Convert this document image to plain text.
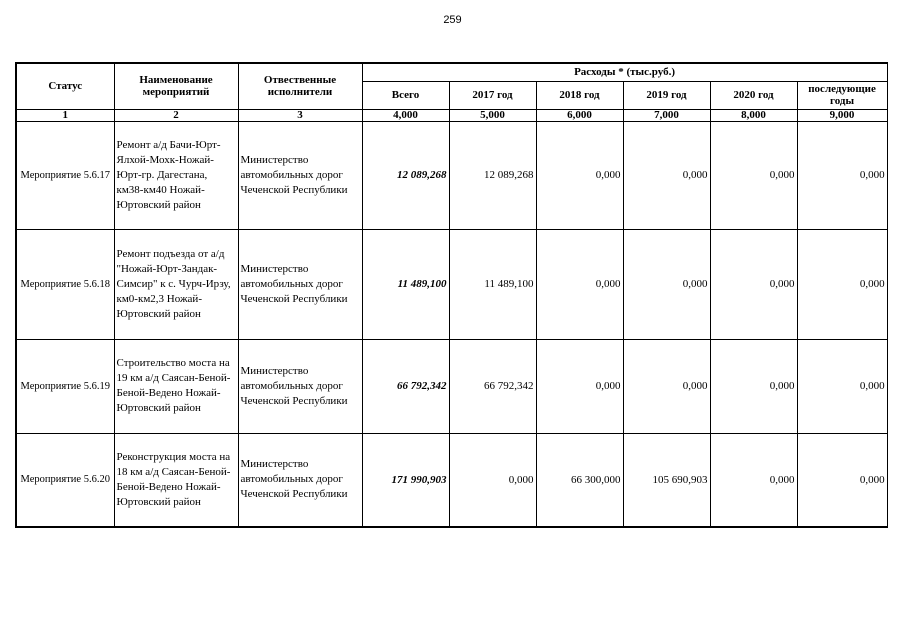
259
Статус	Наименование мероприятий	Отвественные исполнители	Расходы * (тыс.руб.)					
			Всего	2017 год	2018 год	2019 год	2020 год	последующие годы

1	2	3	4,000	5,000	6,000	7,000	8,000	9,000
Мероприятие 5.6.17	Ремонт а/д Бачи-Юрт-Ялхой-Мохк-Ножай-Юрт-гр. Дагестана, км38-км40 Ножай-Юртовский район	Министерство автомобильных дорог Чеченской Республики	12 089,268	12 089,268	0,000	0,000	0,000	0,000
Мероприятие 5.6.18	Ремонт подъезда от а/д "Ножай-Юрт-Зандак-Симсир" к с. Чурч-Ирзу, км0-км2,3 Ножай-Юртовский район	Министерство автомобильных дорог Чеченской Республики	11 489,100	11 489,100	0,000	0,000	0,000	0,000
Мероприятие 5.6.19	Строительство моста на 19 км а/д Саясан-Беной-Беной-Ведено Ножай-Юртовский район	Министерство автомобильных дорог Чеченской Республики	66 792,342	66 792,342	0,000	0,000	0,000	0,000
Мероприятие 5.6.20	Реконструкция моста на 18 км а/д Саясан-Беной-Беной-Ведено Ножай-Юртовский район	Министерство автомобильных дорог Чеченской Республики	171 990,903	0,000	66 300,000	105 690,903	0,000	0,000
